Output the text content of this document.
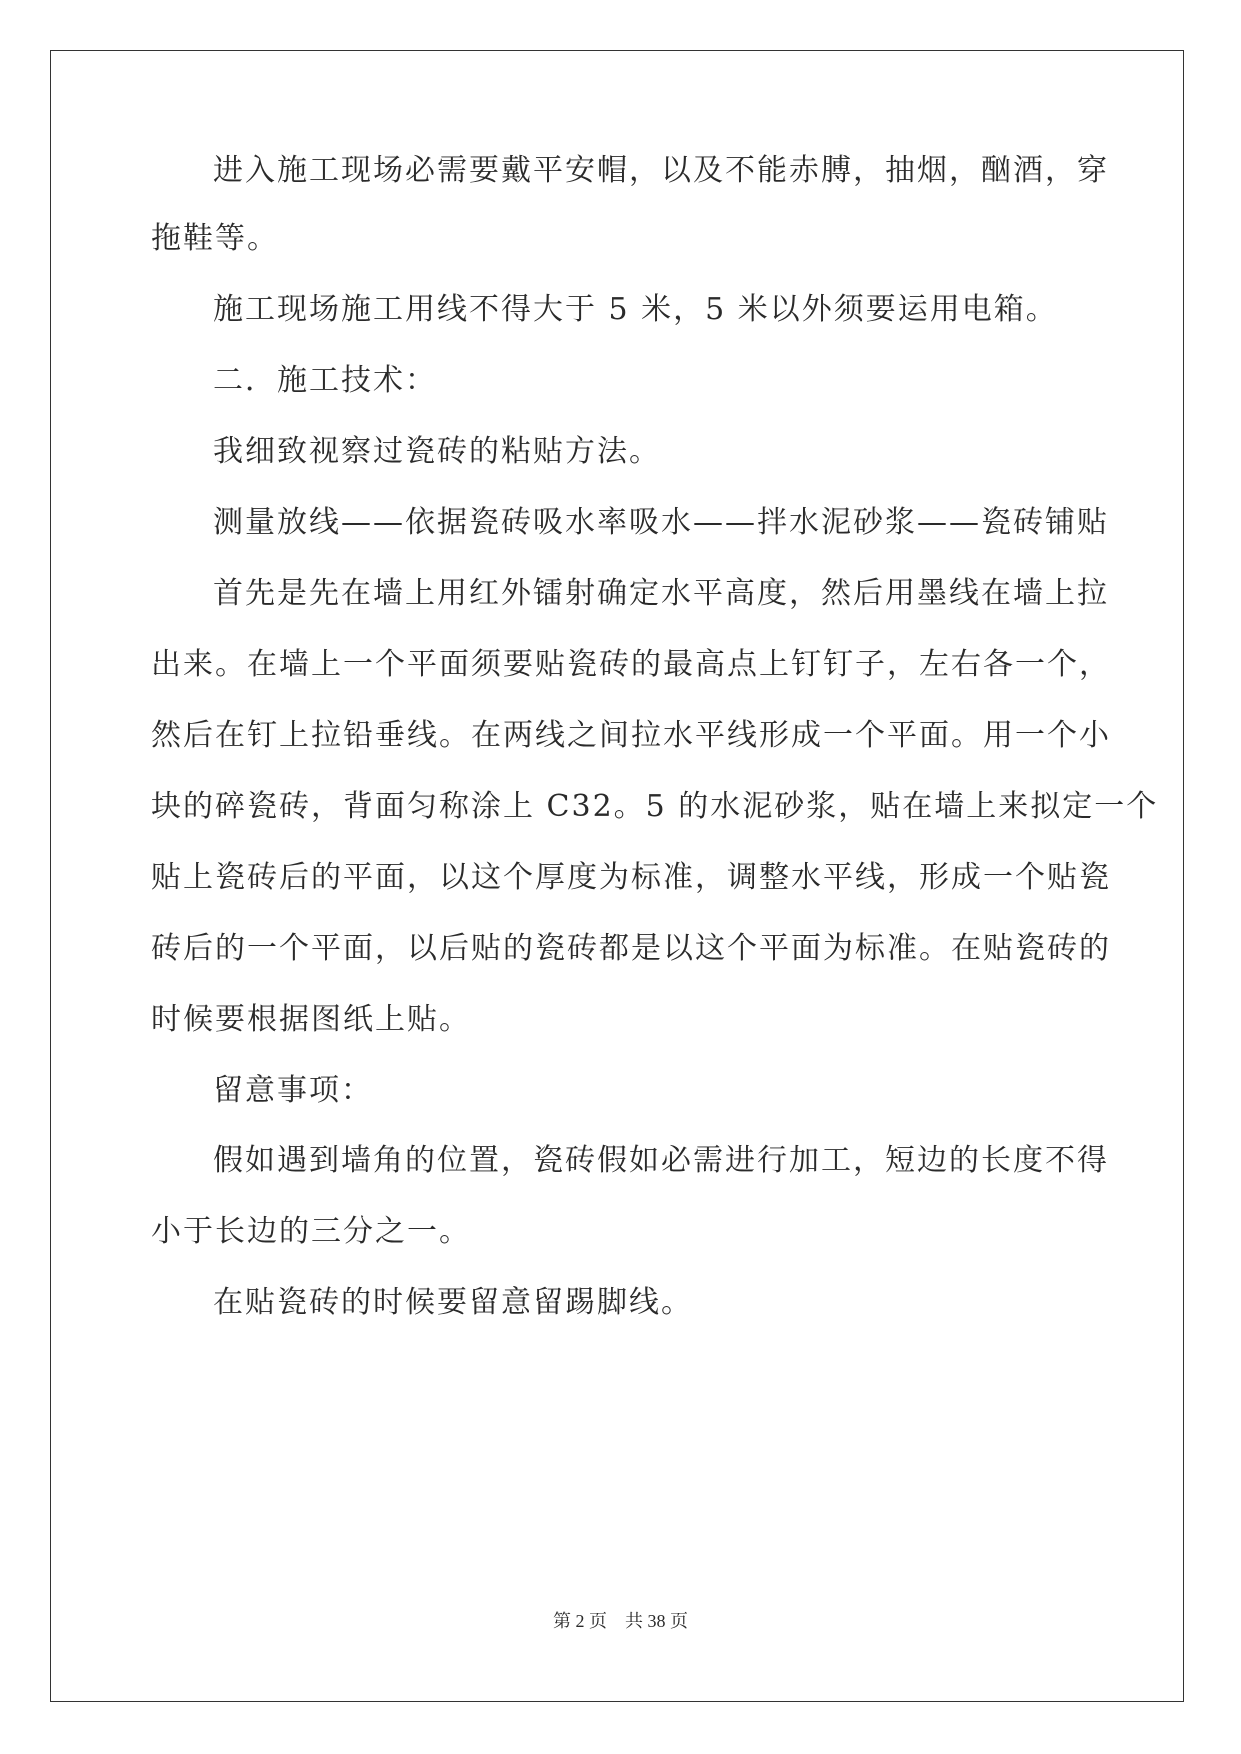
进入施工现场必需要戴平安帽，以及不能赤膊，抽烟，酗酒，穿
拖鞋等。
施工现场施工用线不得大于 5 米，5 米以外须要运用电箱。
二．施工技术：
我细致视察过瓷砖的粘贴方法。
测量放线——依据瓷砖吸水率吸水——拌水泥砂浆——瓷砖铺贴
首先是先在墙上用红外镭射确定水平高度，然后用墨线在墙上拉
出来。在墙上一个平面须要贴瓷砖的最高点上钉钉子，左右各一个，
然后在钉上拉铅垂线。在两线之间拉水平线形成一个平面。用一个小
块的碎瓷砖，背面匀称涂上 C32。5 的水泥砂浆，贴在墙上来拟定一个
贴上瓷砖后的平面，以这个厚度为标准，调整水平线，形成一个贴瓷
砖后的一个平面，以后贴的瓷砖都是以这个平面为标准。在贴瓷砖的
时候要根据图纸上贴。
留意事项：
假如遇到墙角的位置，瓷砖假如必需进行加工，短边的长度不得
小于长边的三分之一。
在贴瓷砖的时候要留意留踢脚线。
第 2 页　共 38 页
